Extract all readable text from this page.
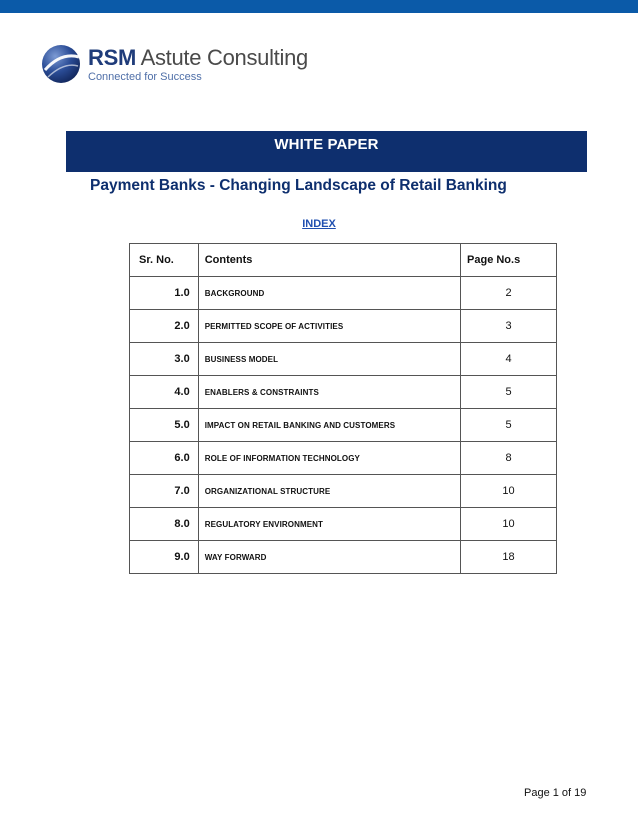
RSM Astute Consulting
Connected for Success
WHITE PAPER
Payment Banks - Changing Landscape of Retail Banking
INDEX
Sr. No.	Contents	Page No.s
1.0	BACKGROUND	2
2.0	PERMITTED SCOPE OF ACTIVITIES	3
3.0	BUSINESS MODEL	4
4.0	ENABLERS & CONSTRAINTS	5
5.0	IMPACT ON RETAIL BANKING AND CUSTOMERS	5
6.0	ROLE OF INFORMATION TECHNOLOGY	8
7.0	ORGANIZATIONAL STRUCTURE	10
8.0	REGULATORY ENVIRONMENT	10
9.0	WAY FORWARD	18
Page 1 of 19
